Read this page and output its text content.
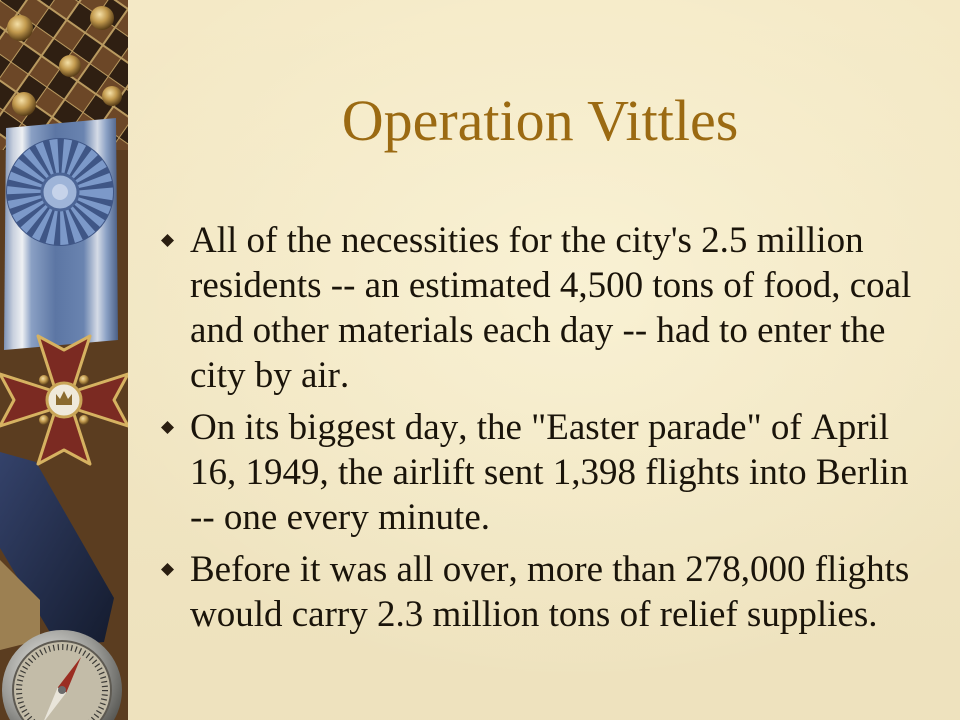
Operation Vittles
All of the necessities for the city's 2.5 million residents -- an estimated 4,500 tons of food, coal and other materials each day -- had to enter the city by air.
On its biggest day, the "Easter parade" of April 16, 1949, the airlift sent 1,398 flights into Berlin -- one every minute.
Before it was all over, more than 278,000 flights would carry 2.3 million tons of relief supplies.
